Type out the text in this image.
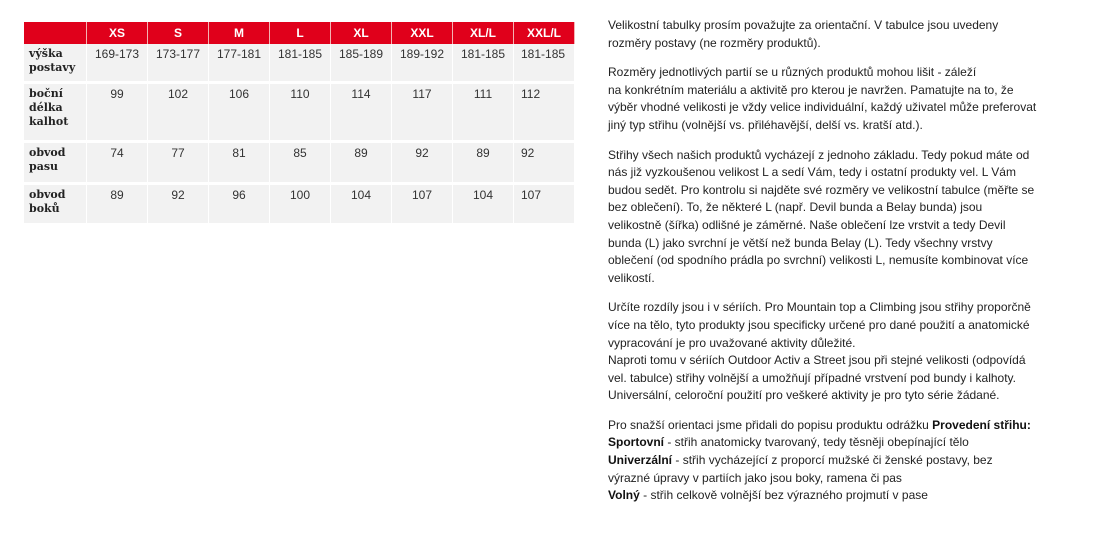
	XS	S	M	L	XL	XXL	XL/L	XXL/L
výška
postavy	169-173	173-177	177-181	181-185	185-189	189-192	181-185	181-185
boční
délka
kalhot	99	102	106	110	114	117	111	112
obvod
pasu	74	77	81	85	89	92	89	92
obvod
boků	89	92	96	100	104	107	104	107

Velikostní tabulky prosím považujte za orientační. V tabulce jsou uvedeny
rozměry postavy (ne rozměry produktů).

Rozměry jednotlivých partií se u různých produktů mohou lišit - záleží
na konkrétním materiálu a aktivitě pro kterou je navržen. Pamatujte na to, že
výběr vhodné velikosti je vždy velice individuální, každý uživatel může preferovat
jiný typ střihu (volnější vs. přiléhavější, delší vs. kratší atd.).

Střihy všech našich produktů vycházejí z jednoho základu. Tedy pokud máte od
nás již vyzkoušenou velikost L a sedí Vám, tedy i ostatní produkty vel. L Vám
budou sedět. Pro kontrolu si najděte své rozměry ve velikostní tabulce (měřte se
bez oblečení). To, že některé L (např. Devil bunda a Belay bunda) jsou
velikostně (šířka) odlišné je záměrné. Naše oblečení lze vrstvit a tedy Devil
bunda (L) jako svrchní je větší než bunda Belay (L). Tedy všechny vrstvy
oblečení (od spodního prádla po svrchní) velikosti L, nemusíte kombinovat více
velikostí.

Určíte rozdíly jsou i v sériích. Pro Mountain top a Climbing jsou střihy proporčně
více na tělo, tyto produkty jsou specificky určené pro dané použití a anatomické
vypracování je pro uvažované aktivity důležité.
Naproti tomu v sériích Outdoor Activ a Street jsou při stejné velikosti (odpovídá
vel. tabulce) střihy volnější a umožňují případné vrstvení pod bundy i kalhoty.
Universální, celoroční použití pro veškeré aktivity je pro tyto série žádané.

Pro snažší orientaci jsme přidali do popisu produktu odrážku Provedení střihu:
Sportovní - střih anatomicky tvarovaný, tedy těsněji obepínající tělo
Univerzální - střih vycházející z proporcí mužské či ženské postavy, bez
výrazné úpravy v partiích jako jsou boky, ramena či pas
Volný - střih celkově volnější bez výrazného projmutí v pase
